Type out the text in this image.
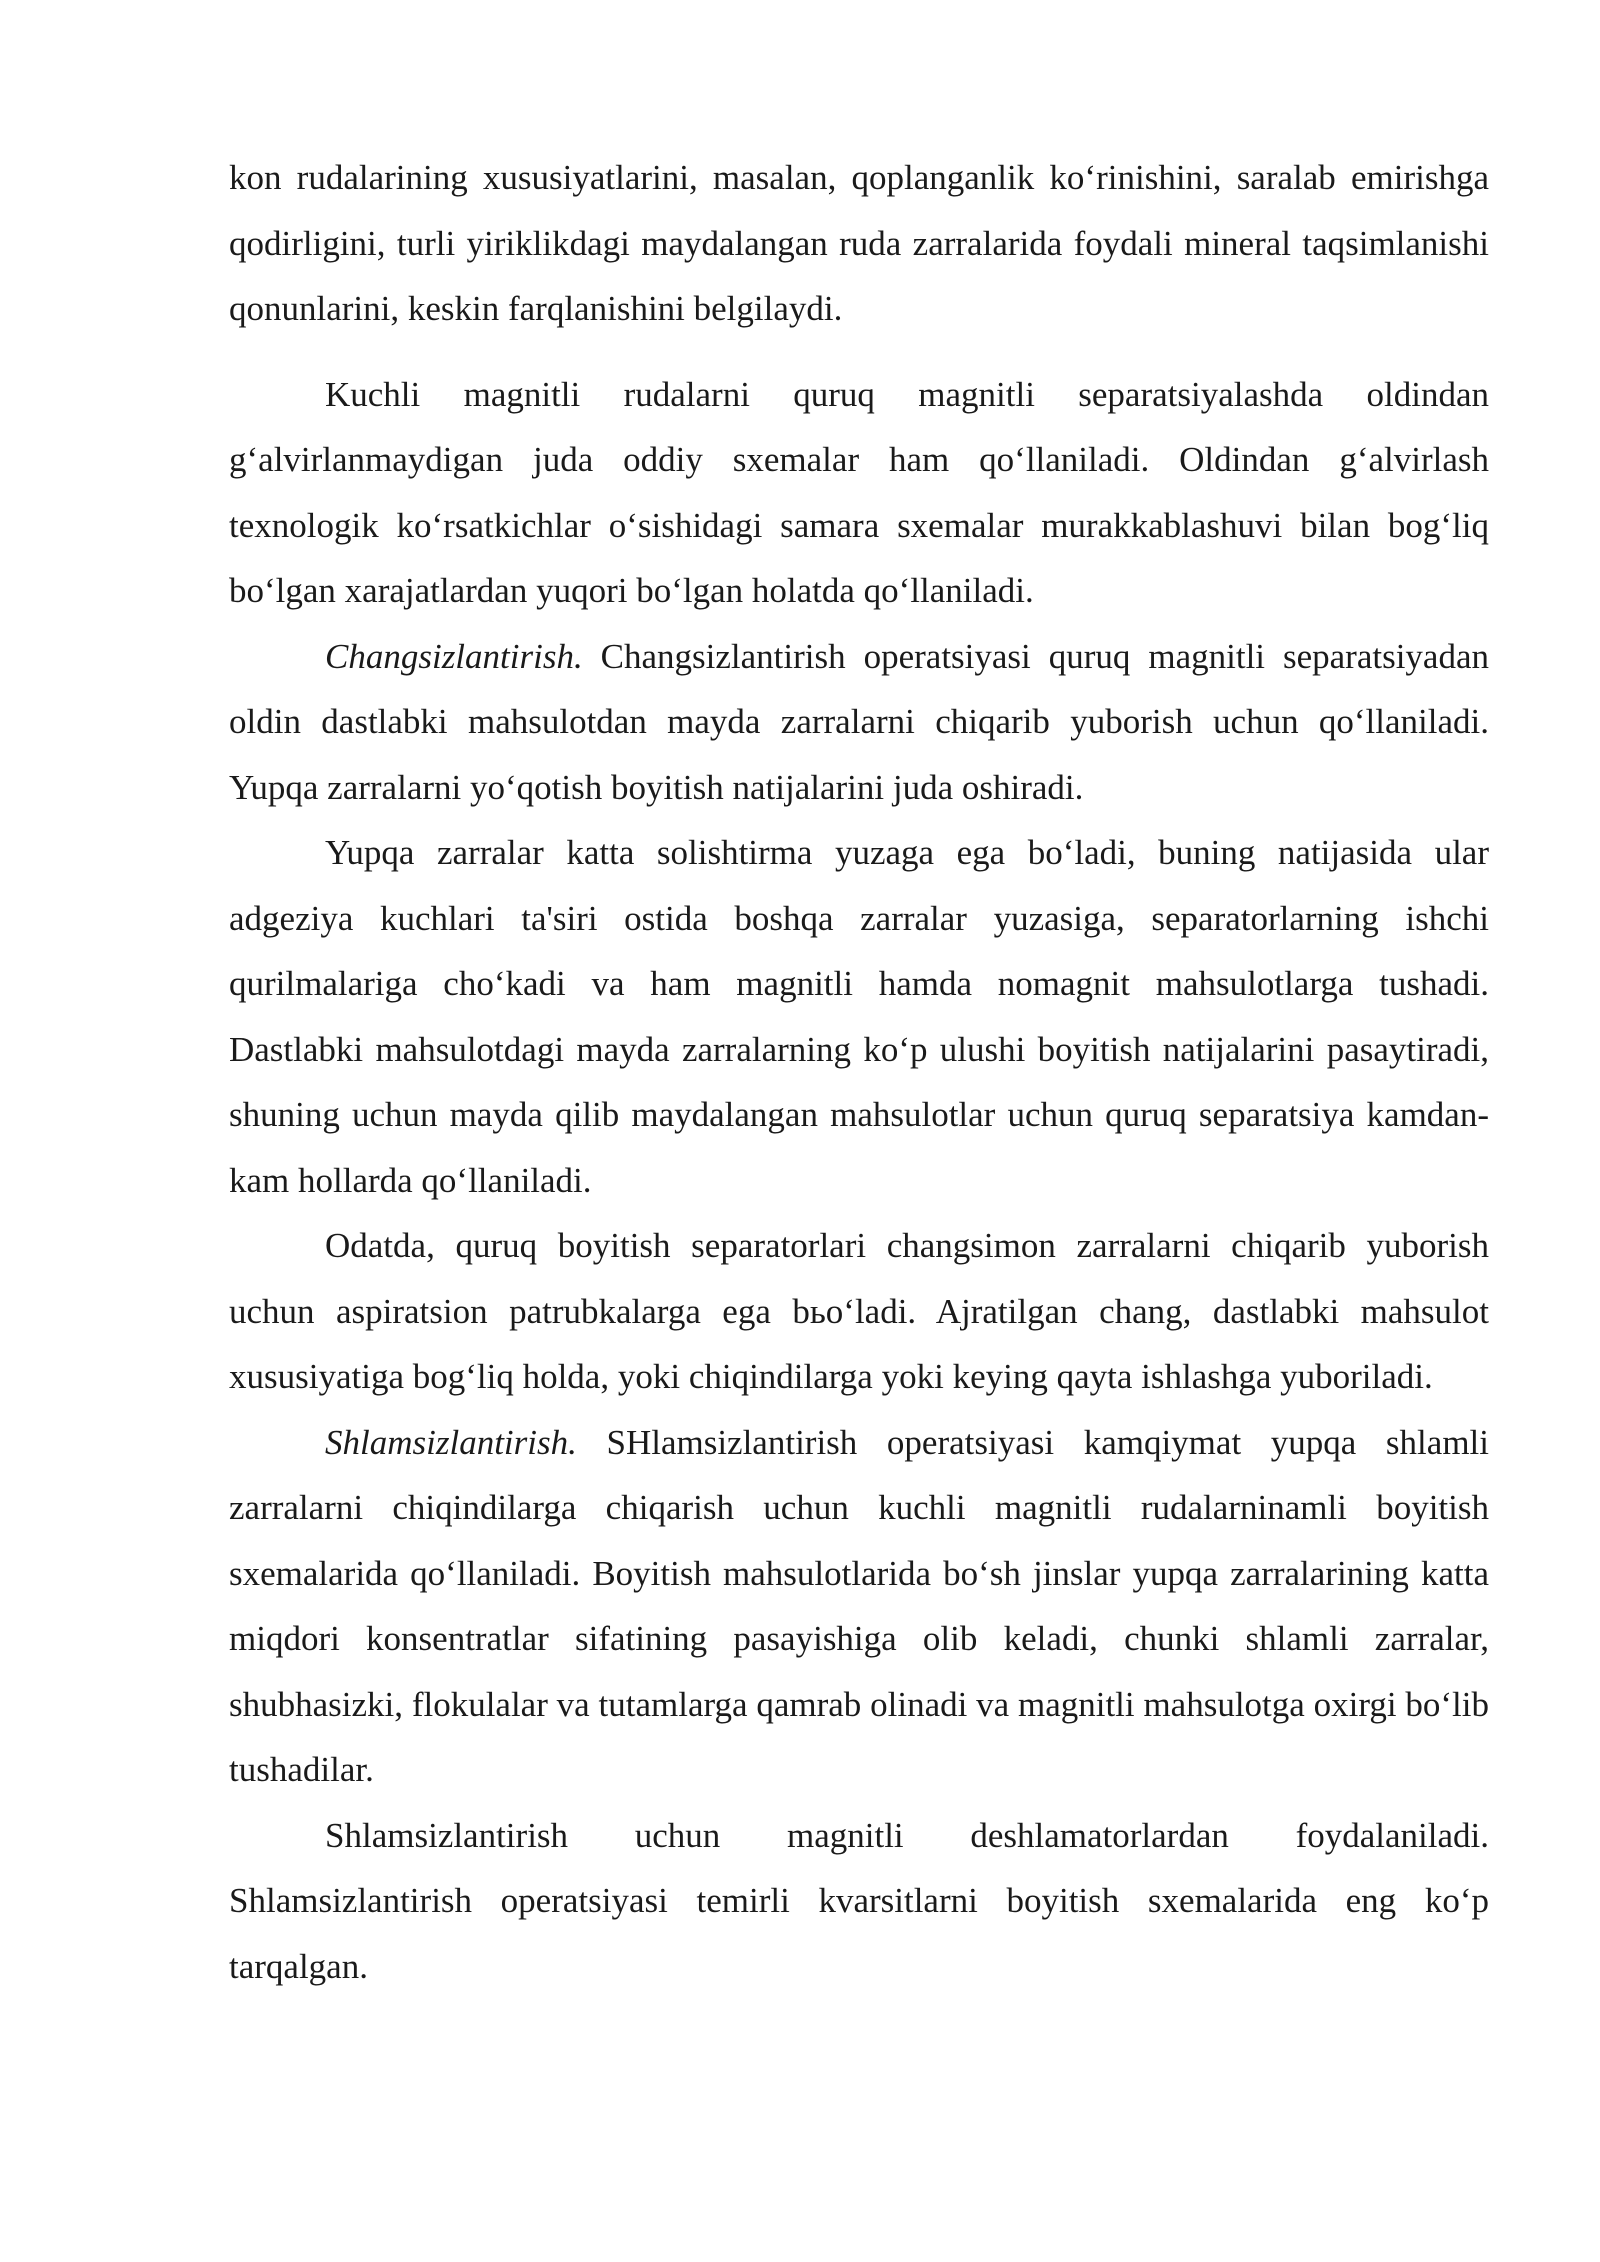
kon rudalarining xususiyatlarini, masalan, qoplanganlik ko‘rinishini, saralab emirishga qodirligini, turli yiriklikdagi maydalangan ruda zarralarida foydali mineral taqsimlanishi qonunlarini, keskin farqlanishini belgilaydi.

Kuchli magnitli rudalarni quruq magnitli separatsiyalashda oldindan g‘alvirlanmaydigan juda oddiy sxemalar ham qo‘llaniladi. Oldindan g‘alvirlash texnologik ko‘rsatkichlar o‘sishidagi samara sxemalar murakkablashuvi bilan bog‘liq bo‘lgan xarajatlardan yuqori bo‘lgan holatda qo‘llaniladi.

Changsizlantirish. Changsizlantirish operatsiyasi quruq magnitli separatsiyadan oldin dastlabki mahsulotdan mayda zarralarni chiqarib yuborish uchun qo‘llaniladi. Yupqa zarralarni yo‘qotish boyitish natijalarini juda oshiradi.

Yupqa zarralar katta solishtirma yuzaga ega bo‘ladi, buning natijasida ular adgeziya kuchlari ta'siri ostida boshqa zarralar yuzasiga, separatorlarning ishchi qurilmalariga cho‘kadi va ham magnitli hamda nomagnit mahsulotlarga tushadi. Dastlabki mahsulotdagi mayda zarralarning ko‘p ulushi boyitish natijalarini pasaytiradi, shuning uchun mayda qilib maydalangan mahsulotlar uchun quruq separatsiya kamdan-kam hollarda qo‘llaniladi.

Odatda, quruq boyitish separatorlari changsimon zarralarni chiqarib yuborish uchun aspiratsion patrubkalarga ega bьo‘ladi. Ajratilgan chang, dastlabki mahsulot xususiyatiga bog‘liq holda, yoki chiqindilarga yoki keying qayta ishlashga yuboriladi.

Shlamsizlantirish. SHlamsizlantirish operatsiyasi kamqiymat yupqa shlamli zarralarni chiqindilarga chiqarish uchun kuchli magnitli rudalarninamli boyitish sxemalarida qo‘llaniladi. Boyitish mahsulotlarida bo‘sh jinslar yupqa zarralarining katta miqdori konsentratlar sifatining pasayishiga olib keladi, chunki shlamli zarralar, shubhasizki, flokulalar va tutamlarga qamrab olinadi va magnitli mahsulotga oxirgi bo‘lib tushadilar.

Shlamsizlantirish uchun magnitli deshlamatorlardan foydalaniladi. Shlamsizlantirish operatsiyasi temirli kvarsitlarni boyitish sxemalarida eng ko‘p tarqalgan.
